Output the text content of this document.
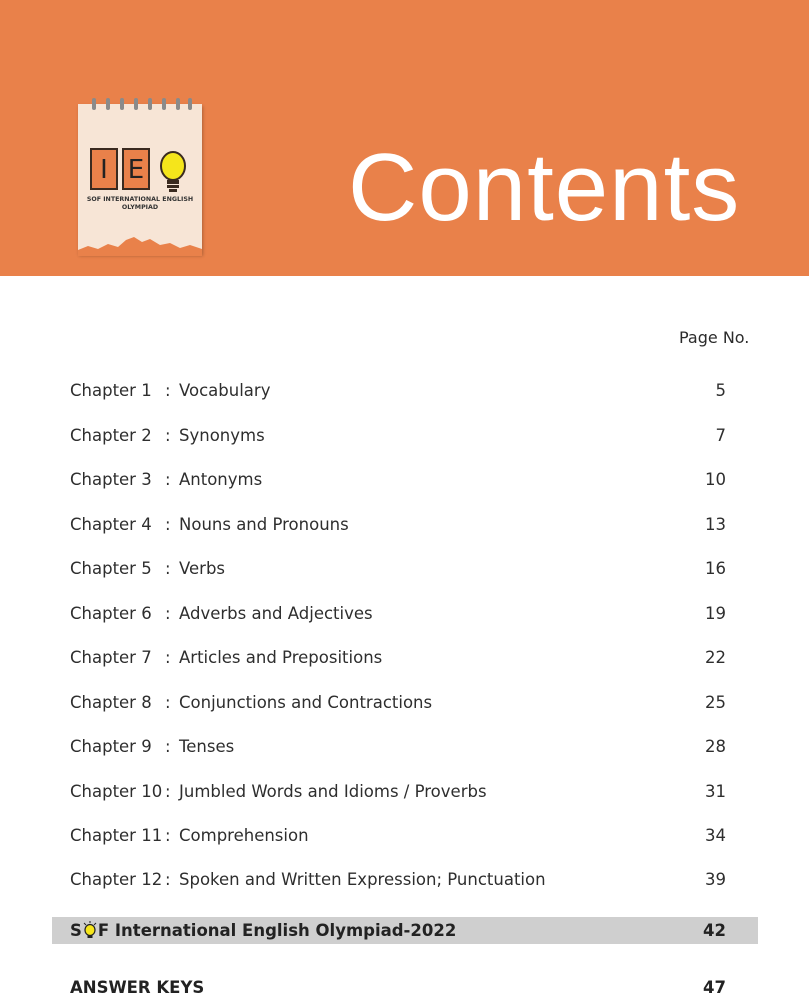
Contents
I E
SOF INTERNATIONAL ENGLISH
OLYMPIAD
Page No.
Chapter 1 : Vocabulary	5
Chapter 2 : Synonyms	7
Chapter 3 : Antonyms	10
Chapter 4 : Nouns and Pronouns	13
Chapter 5 : Verbs	16
Chapter 6 : Adverbs and Adjectives	19
Chapter 7 : Articles and Prepositions	22
Chapter 8 : Conjunctions and Contractions	25
Chapter 9 : Tenses	28
Chapter 10 : Jumbled Words and Idioms / Proverbs	31
Chapter 11 : Comprehension	34
Chapter 12 : Spoken and Written Expression; Punctuation	39
S F International English Olympiad-2022	42
ANSWER KEYS	47
